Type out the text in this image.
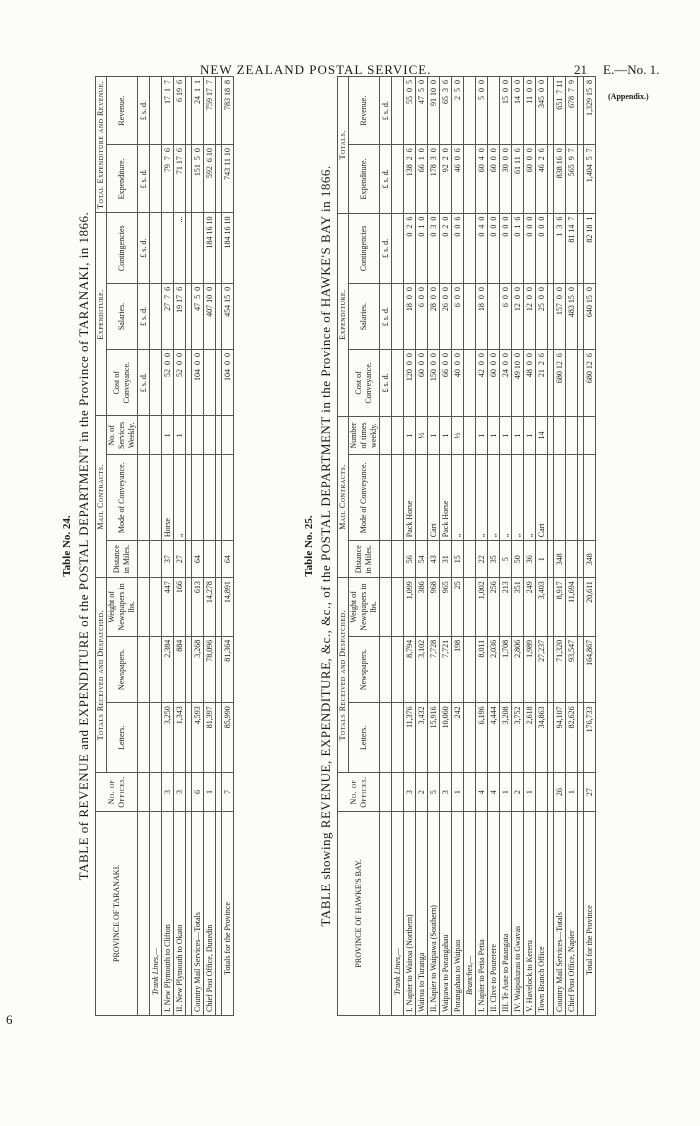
NEW ZEALAND POSTAL SERVICE.	21 E.—No. 1.
(Appendix.)
6

Table No. 24. TABLE of REVENUE and EXPENDITURE of the POSTAL DEPARTMENT in the Province of TARANAKI, in 1866.

PROVINCE OF TARANAKI.	No. of Offices.	Totals Received and Despatched.			Mail Contracts.			Expenditure.			Total Expenditure and Revenue.	
		Letters.	Newspapers.	Weight of Newspapers in lbs.	Distance in Miles.	Mode of Conveyance.	No. of Services Weekly.	Cost of Conveyance.	Salaries.	Contingencies	Expenditure.	Revenue.
								£ s. d.	£ s. d.	£ s. d.	£ s. d.	£ s. d.
Trunk Lines,—												
I. New Plymouth to Clifton	3	3,250	2,384	447	37	Horse	1	52  0  0	27  7  6		79  7  6	17  1  7
II. New Plymouth to Okato	3	1,343	884	166	27	„	1	52  0  0	19 17  6	...	71 17  6	6 19  6

Country Mail Services—Totals	6	4,593	3,268	613	64			104  0  0	47  5  0		151  5  0	24  1  1
Chief Post Office, Dunedin	1	81,397	78,096	14,278					407 10  0	184 16 10	592  6 10	759 17  7

Totals for the Province	7	85,990	81,364	14,891	64			104  0  0	454 15  0	184 16 10	743 11 10	783 18  8

Table No. 25. TABLE showing REVENUE, EXPENDITURE, &c., &c., of the POSTAL DEPARTMENT in the Province of HAWKE'S BAY in 1866.	PROVINCE OF HAWKE'S BAY.	No. of Offices.	Totals Received and Despatched.			Mail Contracts.			Expenditure.			Totals.	
		Letters.	Newspapers.	Weight of Newspapers in lbs.	Distance in Miles.	Mode of Conveyance.	Number of times weekly.	Cost of Conveyance.	Salaries.	Contingencies	Expenditure.	Revenue.
								£ s. d.	£ s. d.	£ s. d.	£ s. d.	£ s. d.
Trunk Lines,—												
I. Napier to Wairoa (Northern)	3	11,376	8,794	1,099	56	Pack Horse	1	120  0  0	18  0  0	0  2  6	138  2  6	55  0  5
Wairoa to Turanga	2	3,432	3,102	386	54		½	60  0  0	6  0  0	0  1  0	66  1  0	47  5  0
II. Napier to Waipawa (Southern)	5	15,916	7,728	968	43	Cart	1	150  0  0	28  0  0	0  3  0	178  3  0	91 10  0
Waipawa to Porangahau	3	10,060	7,721	965	31	Pack Horse	1	66  0  0	26  0  0	0  2  0	92  2  0	65  3  6
Porangahau to Waipau	1	242	198	25	15	„	½	40  0  0	6  0  0	0  0  6	46  0  6	2  5  0
Branches,—												
I. Napier to Petia Petia	4	6,196	8,011	1,002	22	„	1	42  0  0	18  0  0	0  4  0	60  4  0	5  0  0
II. Clive to Pourerere	4	4,444	2,036	256	35	„	1	60  0  0		0  0  0	60  0  0	
III. Te Aute to Patangata	1	3,208	1,708	213	5	„	1	24  0  0	6  0  0	0  0  0	30  0  0	15  0  0
IV. Waipukurau to Gwavas	2	3,752	2,806	351	50	„	1	49 10  0	12  0  0	0  1  6	61 11  6	14  0  0
V. Havelock to Kereru	1	2,618	1,989	249	36	„	1	48  0  0	12  0  0	0  0  0	60  0  0	11  0  0
Town Branch Office		34,863	27,237	3,403	1	Cart	14	21  2  6	25  0  0	0  0  0	46  2  6	345  0  0

Country Mail Services—Totals	26	94,107	71,320	8,917	348			680 12  6	157  0  0	1  3  6	838 16  0	651  7 11
Chief Post Office, Napier	1	82,626	93,547	11,694					483 15  0	81 14  7	565  9  7	678  7  9

Total for the Province	27	176,733	164,867	20,611	348			680 12  6	640 15  0	82 18  1	1,404  5  7	1,329 15  8
